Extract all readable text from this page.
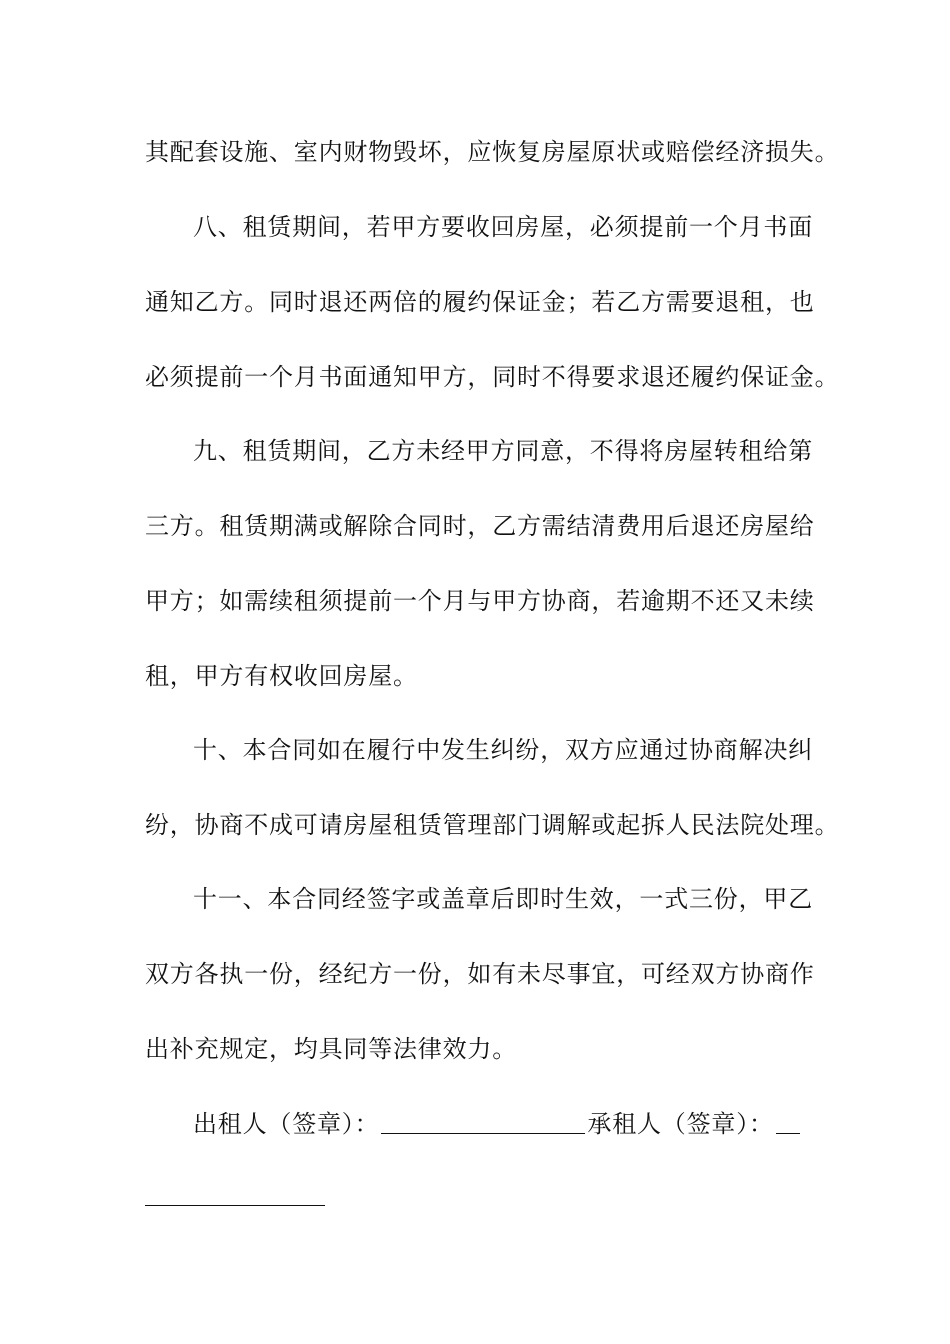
其配套设施、室内财物毁坏，应恢复房屋原状或赔偿经济损失。
八、租赁期间，若甲方要收回房屋，必须提前一个月书面
通知乙方。同时退还两倍的履约保证金；若乙方需要退租，也
必须提前一个月书面通知甲方，同时不得要求退还履约保证金。
九、租赁期间，乙方未经甲方同意，不得将房屋转租给第
三方。租赁期满或解除合同时，乙方需结清费用后退还房屋给
甲方；如需续租须提前一个月与甲方协商，若逾期不还又未续
租，甲方有权收回房屋。
十、本合同如在履行中发生纠纷，双方应通过协商解决纠
纷，协商不成可请房屋租赁管理部门调解或起拆人民法院处理。
十一、本合同经签字或盖章后即时生效，一式三份，甲乙
双方各执一份，经纪方一份，如有未尽事宜，可经双方协商作
出补充规定，均具同等法律效力。
出租人（签章）：	承租人（签章）：
